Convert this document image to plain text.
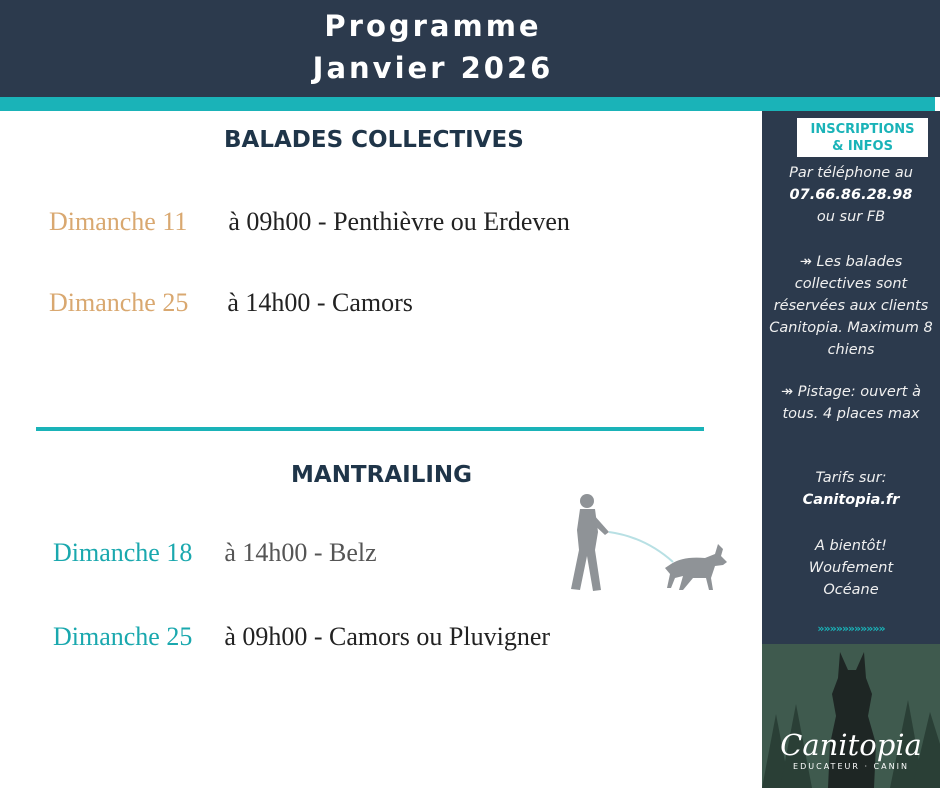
Programme
Janvier 2026
BALADES COLLECTIVES
Dimanche 11 à 09h00 - Penthièvre ou Erdeven
Dimanche 25 à 14h00 - Camors
MANTRAILING
Dimanche 18 à 14h00 - Belz
Dimanche 25 à 09h00 - Camors ou Pluvigner
INSCRIPTIONS
& INFOS
Par téléphone au
07.66.86.28.98
ou sur FB
↠ Les balades collectives sont réservées aux clients Canitopia. Maximum 8 chiens
↠ Pistage: ouvert à tous. 4 places max
Tarifs sur:
Canitopia.fr
A bientôt!
Woufement
Océane
»»»»»»»»»»»
Canitopia
EDUCATEUR · CANIN
